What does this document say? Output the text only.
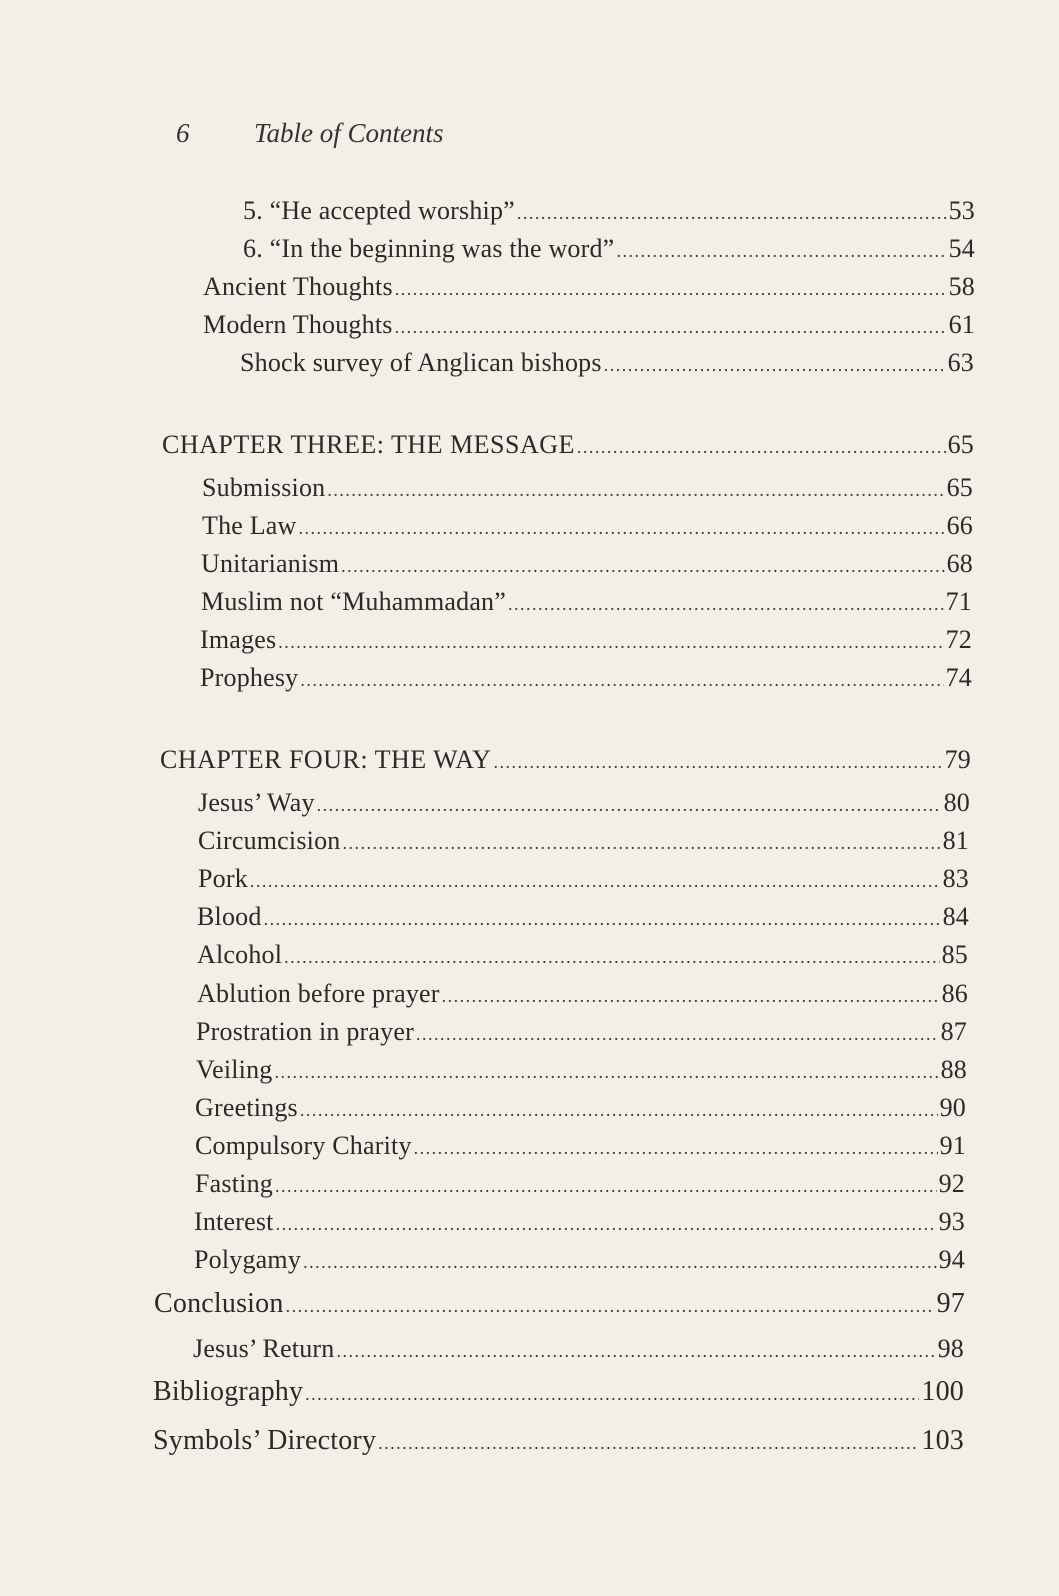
6 Table of Contents
5. “He accepted worship” .....	53
6. “In the beginning was the word” .....	54
Ancient Thoughts .....	58
Modern Thoughts .....	61
Shock survey of Anglican bishops .....	63
CHAPTER THREE: THE MESSAGE .....	65
Submission .....	65
The Law .....	66
Unitarianism .....	68
Muslim not “Muhammadan” .....	71
Images .....	72
Prophesy .....	74
CHAPTER FOUR: THE WAY .....	79
Jesus’ Way .....	80
Circumcision .....	81
Pork .....	83
Blood .....	84
Alcohol .....	85
Ablution before prayer .....	86
Prostration in prayer .....	87
Veiling .....	88
Greetings .....	90
Compulsory Charity .....	91
Fasting .....	92
Interest .....	93
Polygamy .....	94
Conclusion .....	97
Jesus’ Return .....	98
Bibliography .....	100
Symbols’ Directory .....	103
